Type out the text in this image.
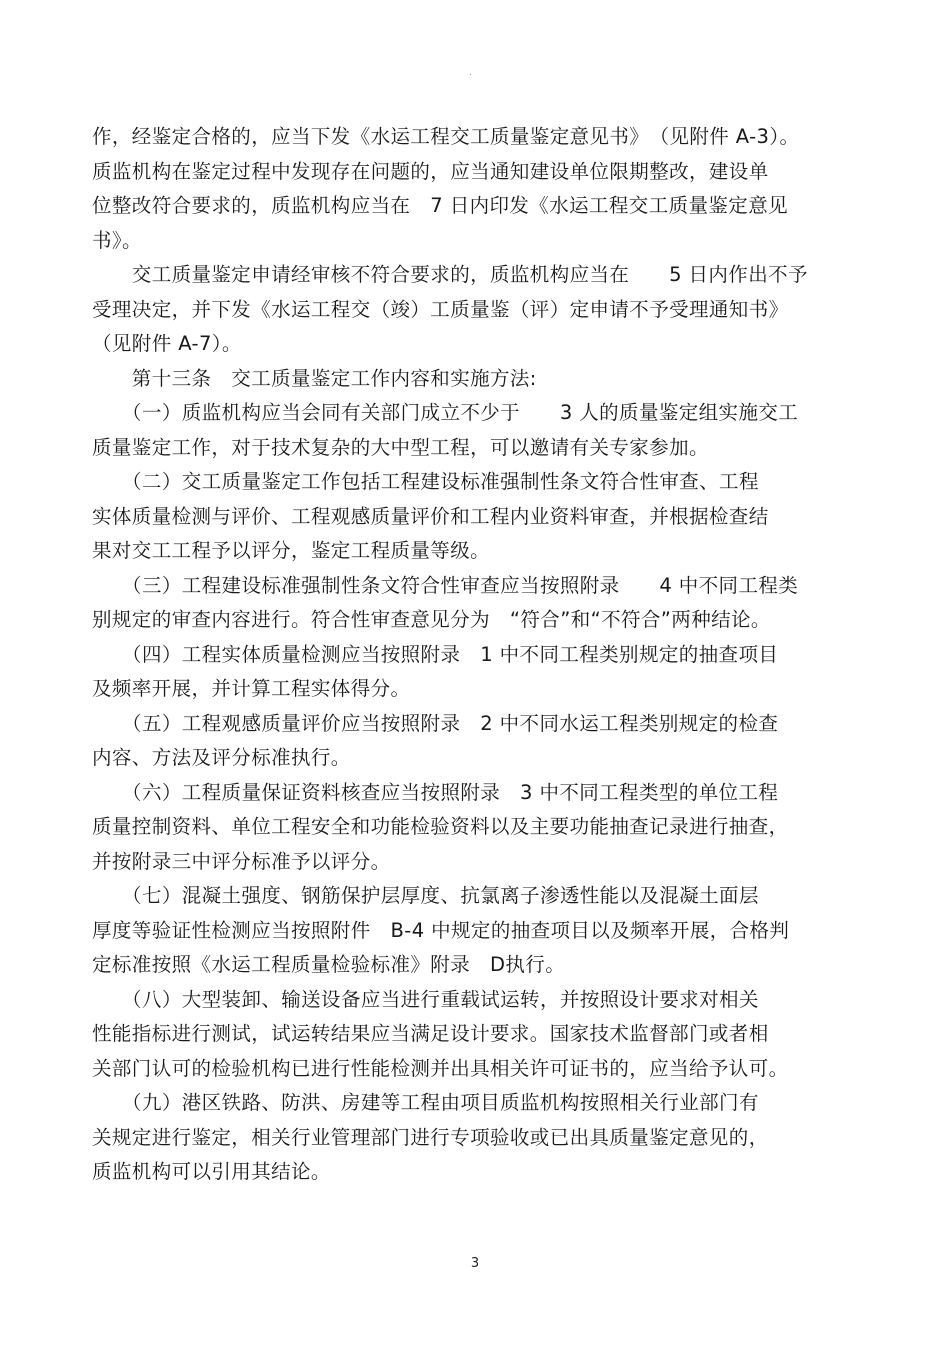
.
作，经鉴定合格的，应当下发《水运工程交工质量鉴定意见书》　（见附件 A-3）。
质监机构在鉴定过程中发现存在问题的，应当通知建设单位限期整改，建设单
位整改符合要求的，质监机构应当在　7 日内印发《水运工程交工质量鉴定意见
书》。
　　交工质量鉴定申请经审核不符合要求的，质监机构应当在　　5 日内作出不予
受理决定，并下发《水运工程交（竣）工质量鉴（评）定申请不予受理通知书》
（见附件 A-7）。
　　第十三条　交工质量鉴定工作内容和实施方法:
　　（一）质监机构应当会同有关部门成立不少于　　3 人的质量鉴定组实施交工
质量鉴定工作，对于技术复杂的大中型工程，可以邀请有关专家参加。
　　（二）交工质量鉴定工作包括工程建设标准强制性条文符合性审查、工程
实体质量检测与评价、工程观感质量评价和工程内业资料审查，并根据检查结
果对交工工程予以评分，鉴定工程质量等级。
　　（三）工程建设标准强制性条文符合性审查应当按照附录　　4 中不同工程类
别规定的审查内容进行。符合性审查意见分为　“符合”和“不符合”两种结论。
　　（四）工程实体质量检测应当按照附录　1 中不同工程类别规定的抽查项目
及频率开展，并计算工程实体得分。
　　（五）工程观感质量评价应当按照附录　2 中不同水运工程类别规定的检查
内容、方法及评分标准执行。
　　（六）工程质量保证资料核查应当按照附录　3 中不同工程类型的单位工程
质量控制资料、单位工程安全和功能检验资料以及主要功能抽查记录进行抽查，
并按附录三中评分标准予以评分。
　　（七）混凝土强度、钢筋保护层厚度、抗氯离子渗透性能以及混凝土面层
厚度等验证性检测应当按照附件　B-4 中规定的抽查项目以及频率开展，合格判
定标准按照《水运工程质量检验标准》附录　D执行。
　　（八）大型装卸、输送设备应当进行重载试运转，并按照设计要求对相关
性能指标进行测试，试运转结果应当满足设计要求。国家技术监督部门或者相
关部门认可的检验机构已进行性能检测并出具相关许可证书的，应当给予认可。
　　（九）港区铁路、防洪、房建等工程由项目质监机构按照相关行业部门有
关规定进行鉴定，相关行业管理部门进行专项验收或已出具质量鉴定意见的，
质监机构可以引用其结论。
3
